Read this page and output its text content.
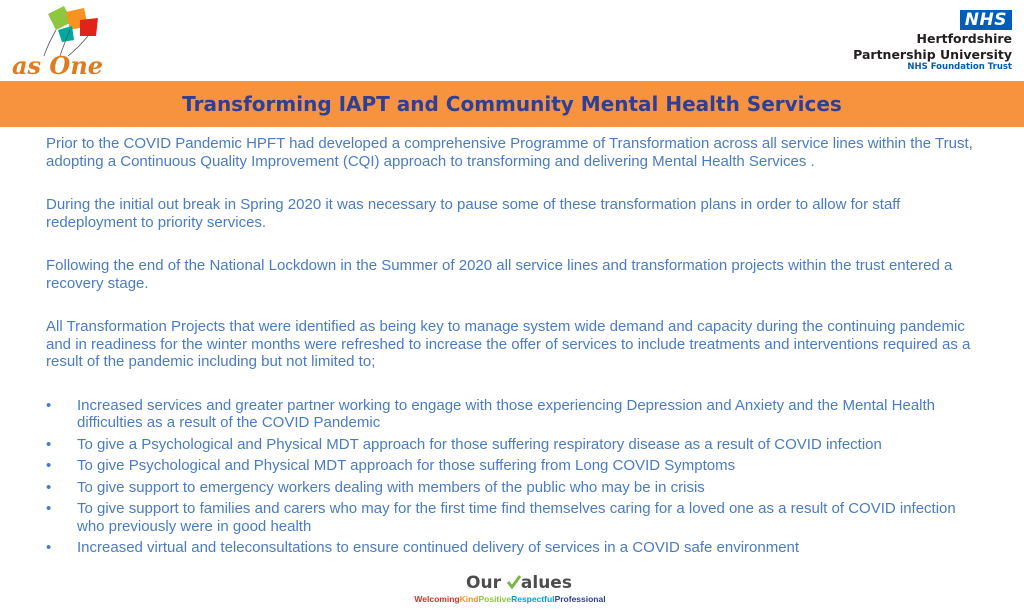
as One
NHS
Hertfordshire
Partnership University
NHS Foundation Trust
Transforming IAPT and Community Mental Health Services

Prior to the COVID Pandemic HPFT had developed a comprehensive Programme of Transformation across all service lines within the Trust, adopting a Continuous Quality Improvement (CQI) approach to transforming and delivering Mental Health Services .

During the initial out break in Spring 2020 it was necessary to pause some of these transformation plans in order to allow for staff redeployment to priority services.

Following the end of the National Lockdown in the Summer of 2020 all service lines and transformation projects within the trust entered a recovery stage.

All Transformation Projects that were identified as being key to manage system wide demand and capacity during the continuing pandemic and in readiness for the winter months were refreshed to increase the offer of services to include treatments and interventions required as a result of the pandemic including but not limited to;

• Increased services and greater partner working to engage with those experiencing Depression and Anxiety and the Mental Health difficulties as a result of the COVID Pandemic
• To give a Psychological and Physical MDT approach for those suffering respiratory disease as a result of COVID infection
• To give Psychological and Physical MDT approach for those suffering from Long COVID Symptoms
• To give support to emergency workers dealing with members of the public who may be in crisis
• To give support to families and carers who may for the first time find themselves caring for a loved one as a result of COVID infection who previously were in good health
• Increased virtual and teleconsultations to ensure continued delivery of services in a COVID safe environment
Our alues
WelcomingKindPositiveRespectfulProfessional
